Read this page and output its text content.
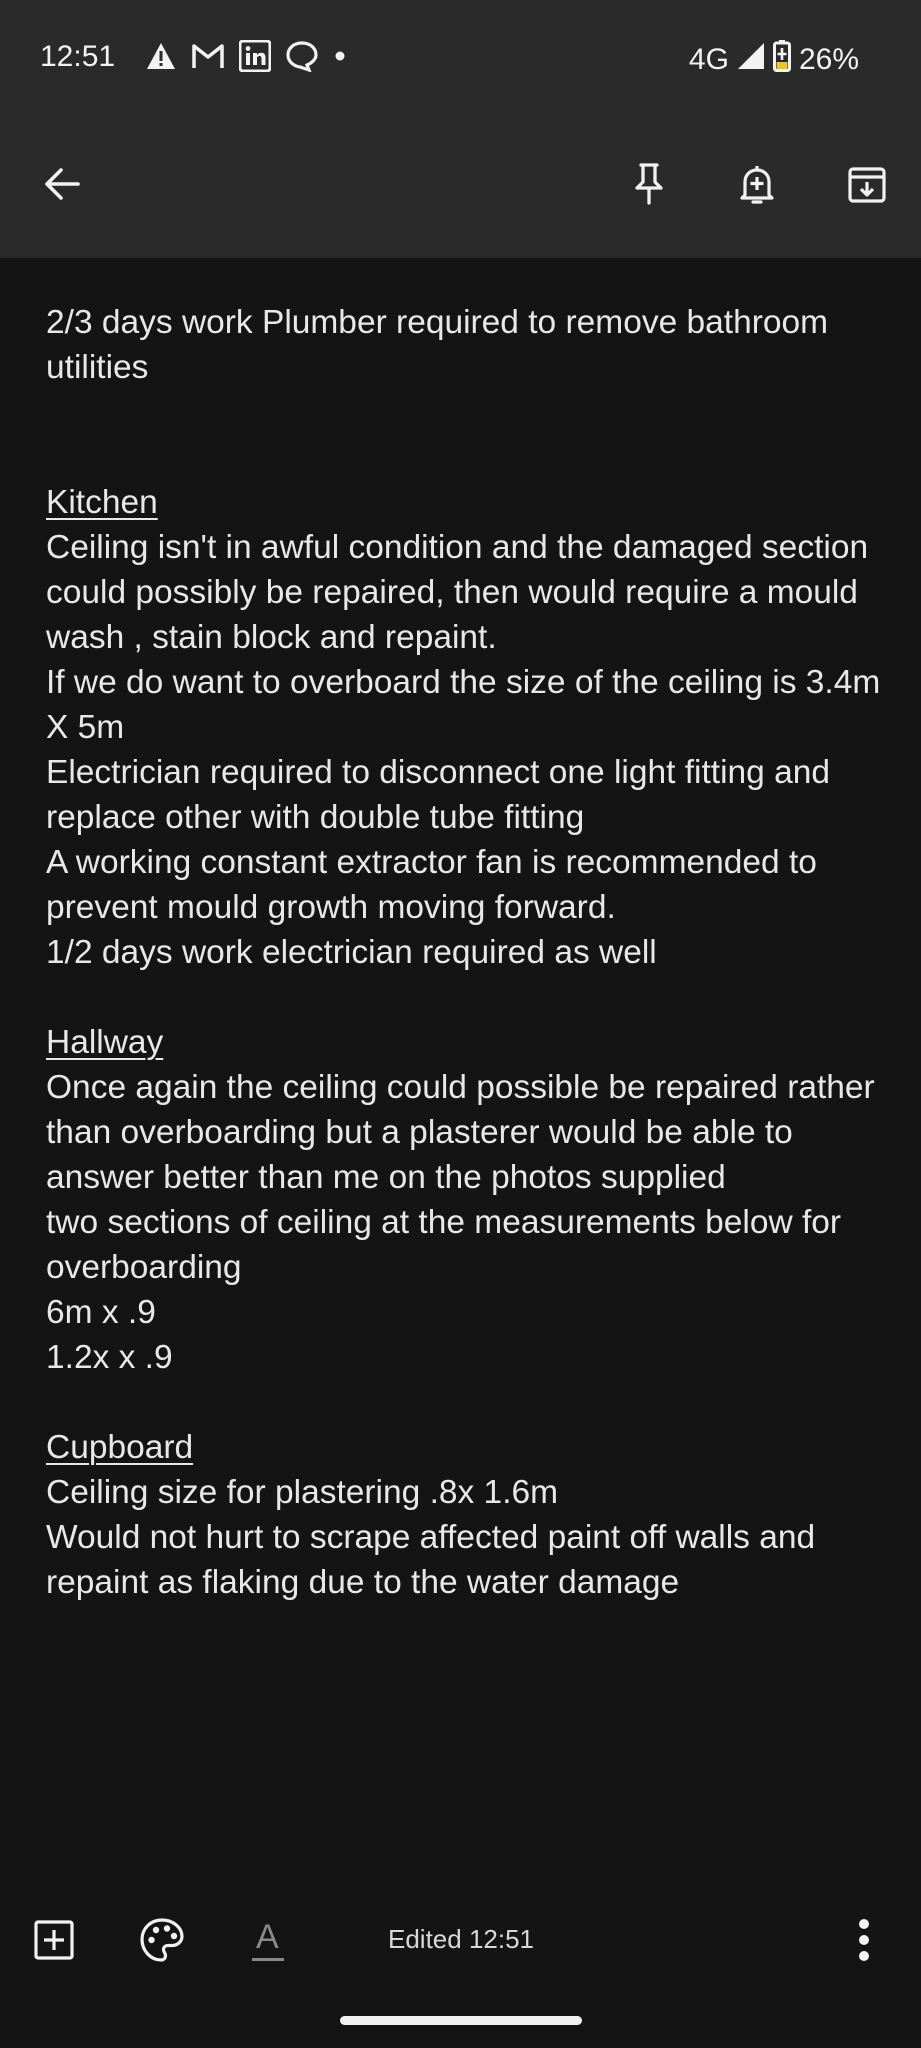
12:51	4G 26%

2/3 days work Plumber required to remove bathroom utilities

Kitchen

Ceiling isn't in awful condition and the damaged section could possibly be repaired, then would require a mould wash , stain block and repaint.

If we do want to overboard the size of the ceiling is 3.4m X 5m

Electrician required to disconnect one light fitting and replace other with double tube fitting

A working constant extractor fan is recommended to prevent mould growth moving forward.

1/2 days work electrician required as well

Hallway

Once again the ceiling could possible be repaired rather than overboarding but a plasterer would be able to answer better than me on the photos supplied

two sections of ceiling at the measurements below for overboarding

6m x .9

1.2x x .9

Cupboard

Ceiling size for plastering .8x 1.6m

Would not hurt to scrape affected paint off walls and repaint as flaking due to the water damage

A	Edited 12:51
